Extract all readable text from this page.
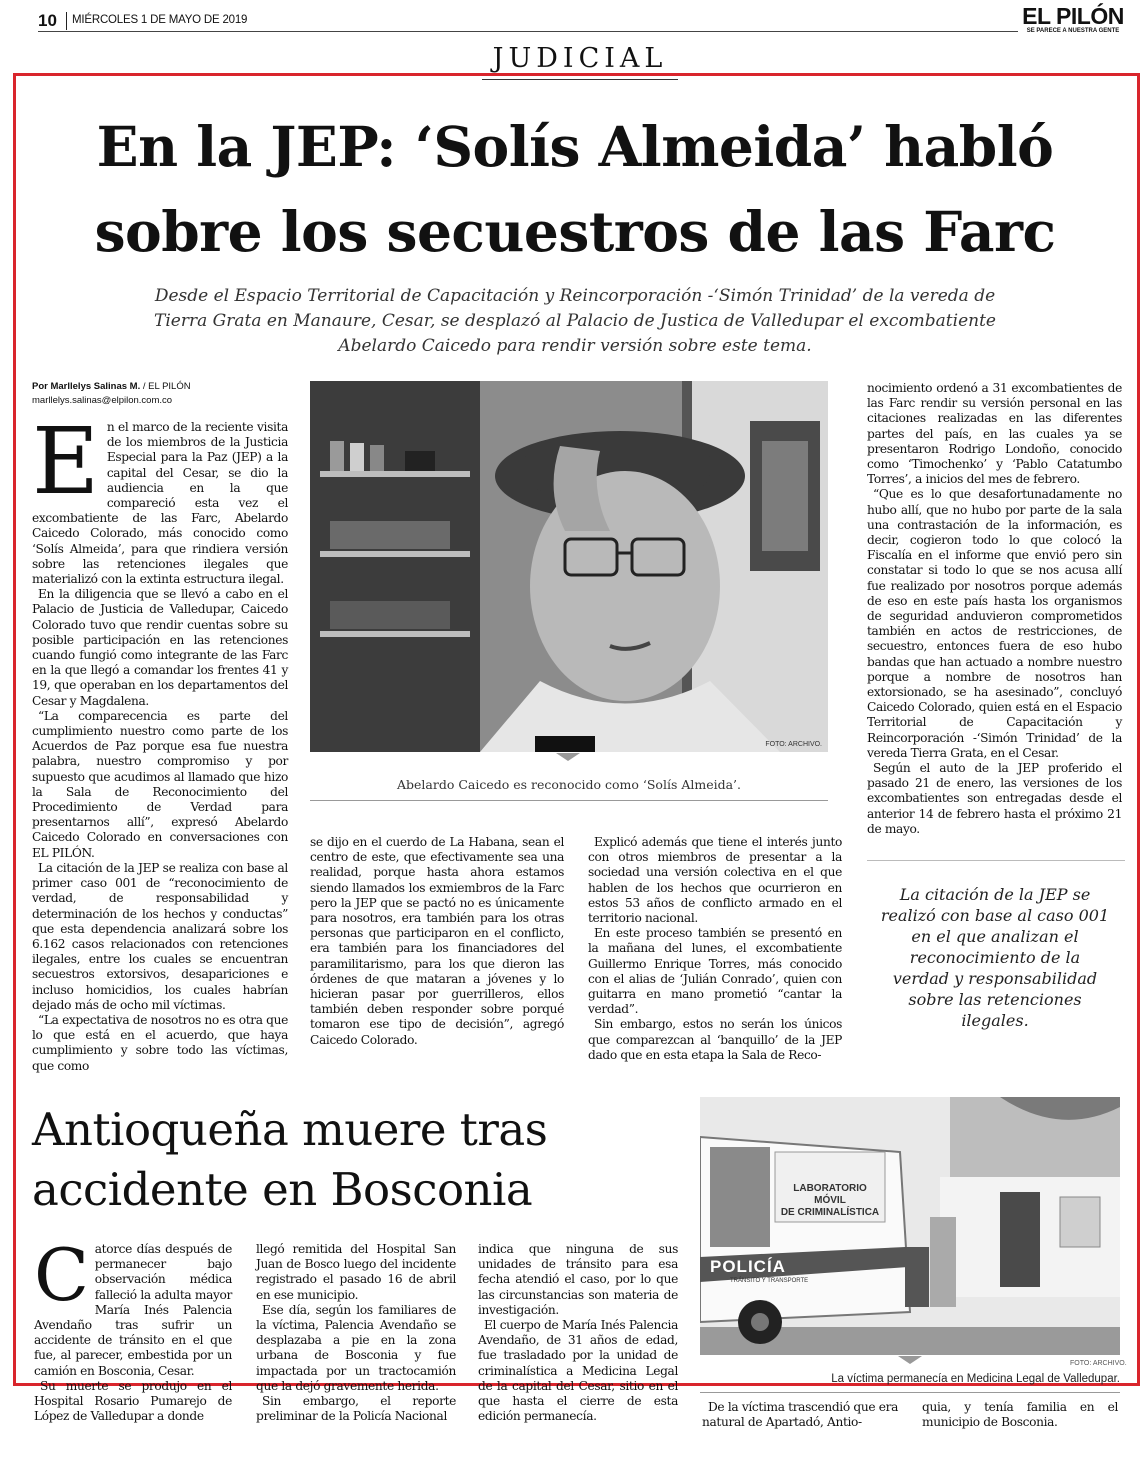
10 MIÉRCOLES 1 DE MAYO DE 2019	EL PILÓN
SE PARECE A NUESTRA GENTE
JUDICIAL
En la JEP: ‘Solís Almeida’ habló
sobre los secuestros de las Farc
Desde el Espacio Territorial de Capacitación y Reincorporación -‘Simón Trinidad’ de la vereda de
Tierra Grata en Manaure, Cesar, se desplazó al Palacio de Justica de Valledupar el excombatiente
Abelardo Caicedo para rendir versión sobre este tema.
Por Marllelys Salinas M. / EL PILÓN
marllelys.salinas@elpilon.com.co
E n el marco de la reciente visita de los miembros de la Justicia Especial para la Paz (JEP) a la capital del Cesar, se dio la audiencia en la que compareció esta vez el excombatiente de las Farc, Abelardo Caicedo Colorado, más conocido como ‘Solís Almeida’, para que rindiera versión sobre las retenciones ilegales que materializó con la extinta estructura ilegal.

En la diligencia que se llevó a cabo en el Palacio de Justicia de Valledupar, Caicedo Colorado tuvo que rendir cuentas sobre su posible participación en las retenciones cuando fungió como integrante de las Farc en la que llegó a comandar los frentes 41 y 19, que operaban en los departamentos del Cesar y Magdalena.

“La comparecencia es parte del cumplimiento nuestro como parte de los Acuerdos de Paz porque esa fue nuestra palabra, nuestro compromiso y por supuesto que acudimos al llamado que hizo la Sala de Reconocimiento del Procedimiento de Verdad para presentarnos allí”, expresó Abelardo Caicedo Colorado en conversaciones con EL PILÓN.

La citación de la JEP se realiza con base al primer caso 001 de “reconocimiento de verdad, de responsabilidad y determinación de los hechos y conductas” que esta dependencia analizará sobre los 6.162 casos relacionados con retenciones ilegales, entre los cuales se encuentran secuestros extorsivos, desapariciones e incluso homicidios, los cuales habrían dejado más de ocho mil víctimas.

“La expectativa de nosotros no es otra que lo que está en el acuerdo, que haya cumplimiento y sobre todo las víctimas, que como

FOTO: ARCHIVO.
Abelardo Caicedo es reconocido como ‘Solís Almeida’.

se dijo en el cuerdo de La Habana, sean el centro de este, que efectivamente sea una realidad, porque hasta ahora estamos siendo llamados los exmiembros de la Farc pero la JEP que se pactó no es únicamente para nosotros, era también para los otras personas que participaron en el conflicto, era también para los financiadores del paramilitarismo, para los que dieron las órdenes de que mataran a jóvenes y lo hicieran pasar por guerrilleros, ellos también deben responder sobre porqué tomaron ese tipo de decisión”, agregó Caicedo Colorado.

Explicó además que tiene el interés junto con otros miembros de presentar a la sociedad una versión colectiva en el que hablen de los hechos que ocurrieron en estos 53 años de conflicto armado en el territorio nacional.

En este proceso también se presentó en la mañana del lunes, el excombatiente Guillermo Enrique Torres, más conocido con el alias de ‘Julián Conrado’, quien con guitarra en mano prometió “cantar la verdad”.

Sin embargo, estos no serán los únicos que comparezcan al ‘banquillo’ de la JEP dado que en esta etapa la Sala de Reco-

nocimiento ordenó a 31 excombatientes de las Farc rendir su versión personal en las citaciones realizadas en las diferentes partes del país, en las cuales ya se presentaron Rodrigo Londoño, conocido como ‘Timochenko’ y ‘Pablo Catatumbo Torres’, a inicios del mes de febrero.

“Que es lo que desafortunadamente no hubo allí, que no hubo por parte de la sala una contrastación de la información, es decir, cogieron todo lo que colocó la Fiscalía en el informe que envió pero sin constatar si todo lo que se nos acusa allí fue realizado por nosotros porque además de eso en este país hasta los organismos de seguridad anduvieron comprometidos también en actos de restricciones, de secuestro, entonces fuera de eso hubo bandas que han actuado a nombre nuestro porque a nombre de nosotros han extorsionado, se ha asesinado”, concluyó Caicedo Colorado, quien está en el Espacio Territorial de Capacitación y Reincorporación -‘Simón Trinidad’ de la vereda Tierra Grata, en el Cesar.

Según el auto de la JEP proferido el pasado 21 de enero, las versiones de los excombatientes son entregadas desde el anterior 14 de febrero hasta el próximo 21 de mayo.

La citación de la JEP se realizó con base al caso 001 en el que analizan el reconocimiento de la verdad y responsabilidad sobre las retenciones ilegales.
Antioqueña muere tras
accidente en Bosconia
C atorce días después de permanecer bajo observación médica falleció la adulta mayor María Inés Palencia Avendaño tras sufrir un accidente de tránsito en el que fue, al parecer, embestida por un camión en Bosconia, Cesar.

Su muerte se produjo en el Hospital Rosario Pumarejo de López de Valledupar a donde

llegó remitida del Hospital San Juan de Bosco luego del incidente registrado el pasado 16 de abril en ese municipio.

Ese día, según los familiares de la víctima, Palencia Avendaño se desplazaba a pie en la zona urbana de Bosconia y fue impactada por un tractocamión que la dejó gravemente herida.

Sin embargo, el reporte preliminar de la Policía Nacional

indica que ninguna de sus unidades de tránsito para esa fecha atendió el caso, por lo que las circunstancias son materia de investigación.

El cuerpo de María Inés Palencia Avendaño, de 31 años de edad, fue trasladado por la unidad de criminalística a Medicina Legal de la capital del Cesar, sitio en el que hasta el cierre de esta edición permanecía.

LABORATORIO MÓVIL
DE CRIMINALÍSTICA
POLICÍA
TRÁNSITO Y TRANSPORTE
FOTO: ARCHIVO.
La víctima permanecía en Medicina Legal de Valledupar.

De la víctima trascendió que era natural de Apartadó, Antio-

quia, y tenía familia en el municipio de Bosconia.
